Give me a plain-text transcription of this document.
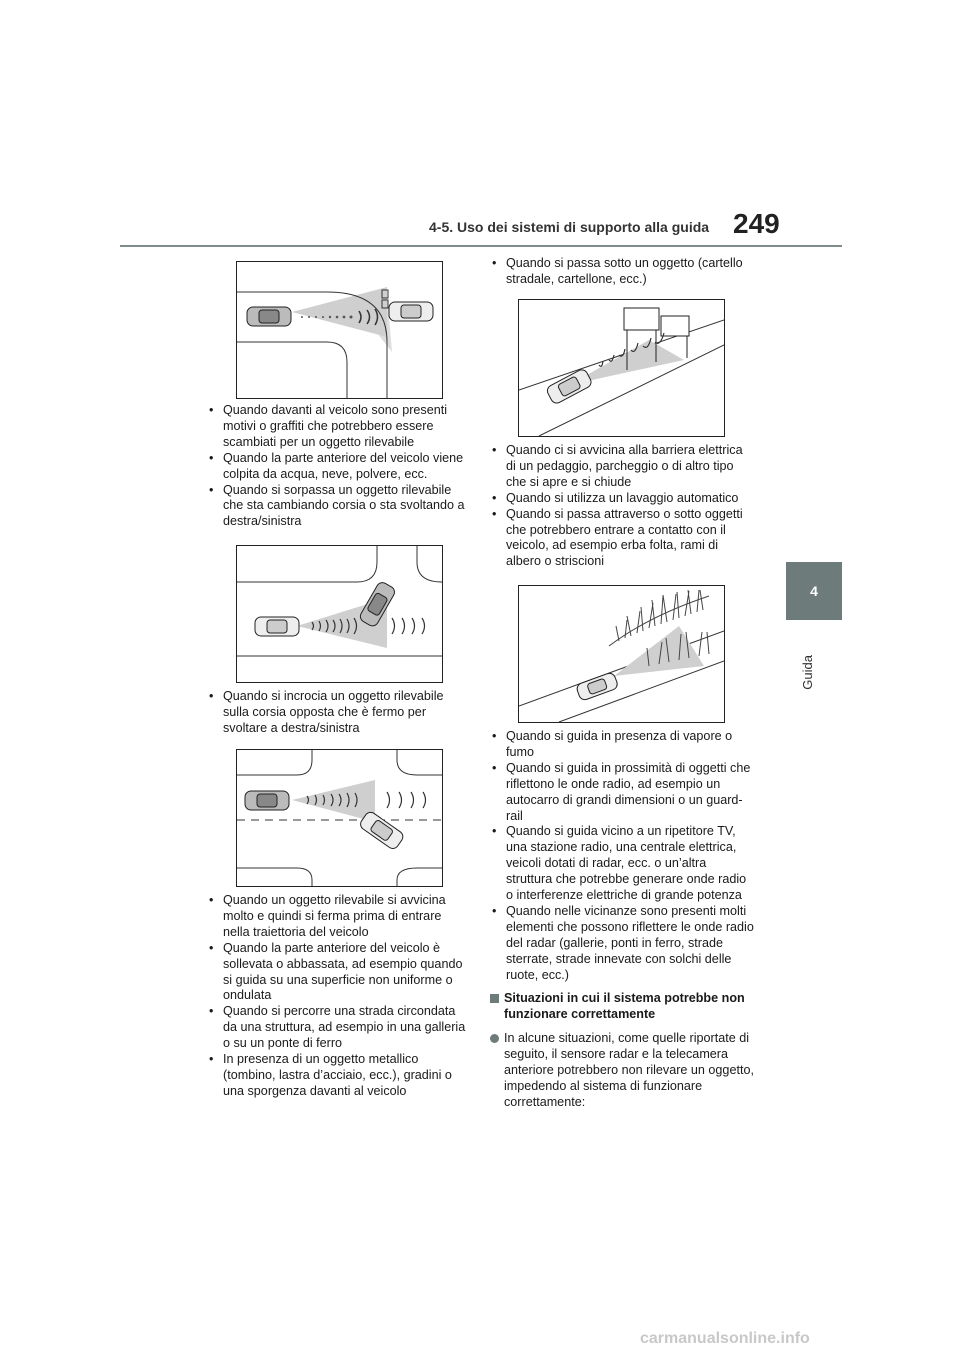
4-5. Uso dei sistemi di supporto alla guida 249
4
Guida
• Quando davanti al veicolo sono presenti motivi o graffiti che potrebbero essere scambiati per un oggetto rilevabile
• Quando la parte anteriore del veicolo viene colpita da acqua, neve, polvere, ecc.
• Quando si sorpassa un oggetto rilevabile che sta cambiando corsia o sta svoltando a destra/sinistra
• Quando si incrocia un oggetto rilevabile sulla corsia opposta che è fermo per svoltare a destra/sinistra
• Quando un oggetto rilevabile si avvicina molto e quindi si ferma prima di entrare nella traiettoria del veicolo
• Quando la parte anteriore del veicolo è sollevata o abbassata, ad esempio quando si guida su una superficie non uniforme o ondulata
• Quando si percorre una strada circondata da una struttura, ad esempio in una galleria o su un ponte di ferro
• In presenza di un oggetto metallico (tombino, lastra d’acciaio, ecc.), gradini o una sporgenza davanti al veicolo
• Quando si passa sotto un oggetto (cartello stradale, cartellone, ecc.)
• Quando ci si avvicina alla barriera elettrica di un pedaggio, parcheggio o di altro tipo che si apre e si chiude
• Quando si utilizza un lavaggio automatico
• Quando si passa attraverso o sotto oggetti che potrebbero entrare a contatto con il veicolo, ad esempio erba folta, rami di albero o striscioni
• Quando si guida in presenza di vapore o fumo
• Quando si guida in prossimità di oggetti che riflettono le onde radio, ad esempio un autocarro di grandi dimensioni o un guard-rail
• Quando si guida vicino a un ripetitore TV, una stazione radio, una centrale elettrica, veicoli dotati di radar, ecc. o un’altra struttura che potrebbe generare onde radio o interferenze elettriche di grande potenza
• Quando nelle vicinanze sono presenti molti elementi che possono riflettere le onde radio del radar (gallerie, ponti in ferro, strade sterrate, strade innevate con solchi delle ruote, ecc.)
Situazioni in cui il sistema potrebbe non funzionare correttamente
In alcune situazioni, come quelle riportate di seguito, il sensore radar e la telecamera anteriore potrebbero non rilevare un oggetto, impedendo al sistema di funzionare correttamente:
carmanualsonline.info
